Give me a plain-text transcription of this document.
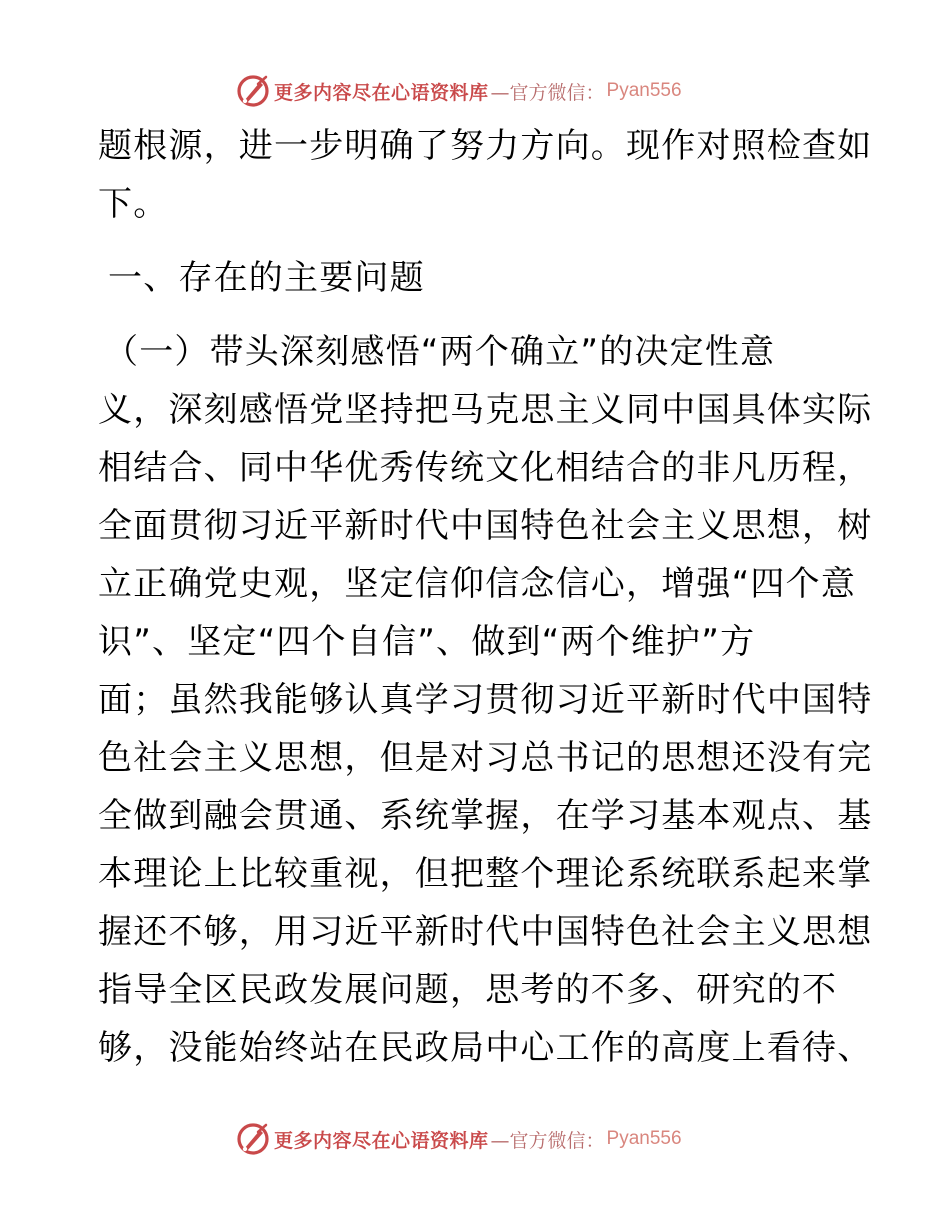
更多内容尽在心语资料库 —官方微信： Pyan556
题根源，进一步明确了努力方向。现作对照检查如
下。
一、存在的主要问题
（一）带头深刻感悟“两个确立”的决定性意
义，深刻感悟党坚持把马克思主义同中国具体实际
相结合、同中华优秀传统文化相结合的非凡历程，
全面贯彻习近平新时代中国特色社会主义思想，树
立正确党史观，坚定信仰信念信心，增强“四个意
识”、坚定“四个自信”、做到“两个维护”方
面；虽然我能够认真学习贯彻习近平新时代中国特
色社会主义思想，但是对习总书记的思想还没有完
全做到融会贯通、系统掌握，在学习基本观点、基
本理论上比较重视，但把整个理论系统联系起来掌
握还不够，用习近平新时代中国特色社会主义思想
指导全区民政发展问题，思考的不多、研究的不
够，没能始终站在民政局中心工作的高度上看待、
更多内容尽在心语资料库 —官方微信： Pyan556
